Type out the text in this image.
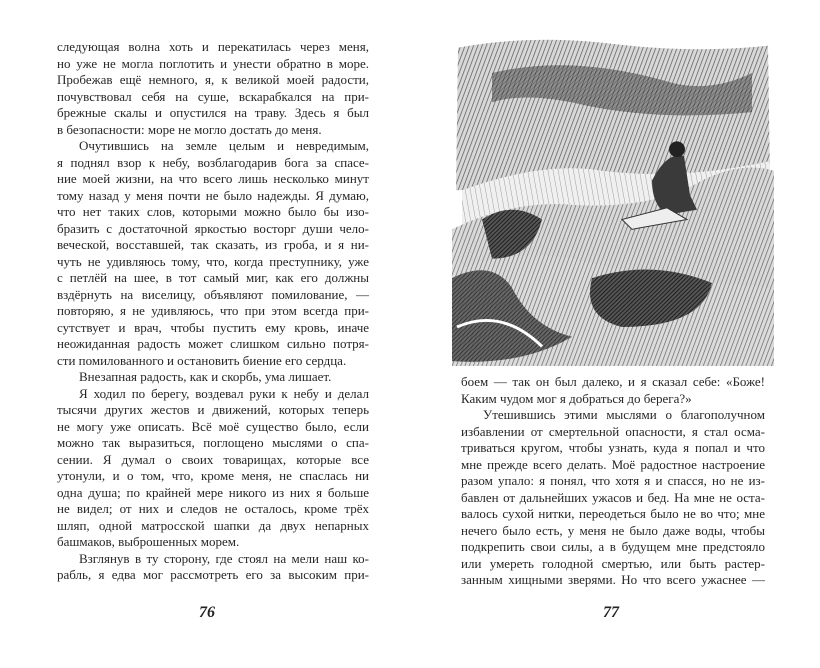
следующая волна хоть и перекатилась через меня,
но уже не могла поглотить и унести обратно в море.
Пробежав ещё немного, я, к великой моей радости,
почувствовал себя на суше, вскарабкался на при-
брежные скалы и опустился на траву. Здесь я был
в безопасности: море не могло достать до меня.
Очутившись на земле целым и невредимым,
я поднял взор к небу, возблагодарив бога за спасе-
ние моей жизни, на что всего лишь несколько минут
тому назад у меня почти не было надежды. Я думаю,
что нет таких слов, которыми можно было бы изо-
бразить с достаточной яркостью восторг души чело-
веческой, восставшей, так сказать, из гроба, и я ни-
чуть не удивляюсь тому, что, когда преступнику, уже
с петлёй на шее, в тот самый миг, как его должны
вздёрнуть на виселицу, объявляют помилование, —
повторяю, я не удивляюсь, что при этом всегда при-
сутствует и врач, чтобы пустить ему кровь, иначе
неожиданная радость может слишком сильно потря-
сти помилованного и остановить биение его сердца.
Внезапная радость, как и скорбь, ума лишает.
Я ходил по берегу, воздевал руки к небу и делал
тысячи других жестов и движений, которых теперь
не могу уже описать. Всё моё существо было, если
можно так выразиться, поглощено мыслями о спа-
сении. Я думал о своих товарищах, которые все
утонули, и о том, что, кроме меня, не спаслась ни
одна душа; по крайней мере никого из них я больше
не видел; от них и следов не осталось, кроме трёх
шляп, одной матросской шапки да двух непарных
башмаков, выброшенных морем.
Взглянув в ту сторону, где стоял на мели наш ко-
рабль, я едва мог рассмотреть его за высоким при-
76
боем — так он был далеко, и я сказал себе: «Боже!
Каким чудом мог я добраться до берега?»
Утешившись этими мыслями о благополучном
избавлении от смертельной опасности, я стал осма-
триваться кругом, чтобы узнать, куда я попал и что
мне прежде всего делать. Моё радостное настроение
разом упало: я понял, что хотя я и спасся, но не из-
бавлен от дальнейших ужасов и бед. На мне не оста-
валось сухой нитки, переодеться было не во что; мне
нечего было есть, у меня не было даже воды, чтобы
подкрепить свои силы, а в будущем мне предстояло
или умереть голодной смертью, или быть растер-
занным хищными зверями. Но что всего ужаснее —
77
